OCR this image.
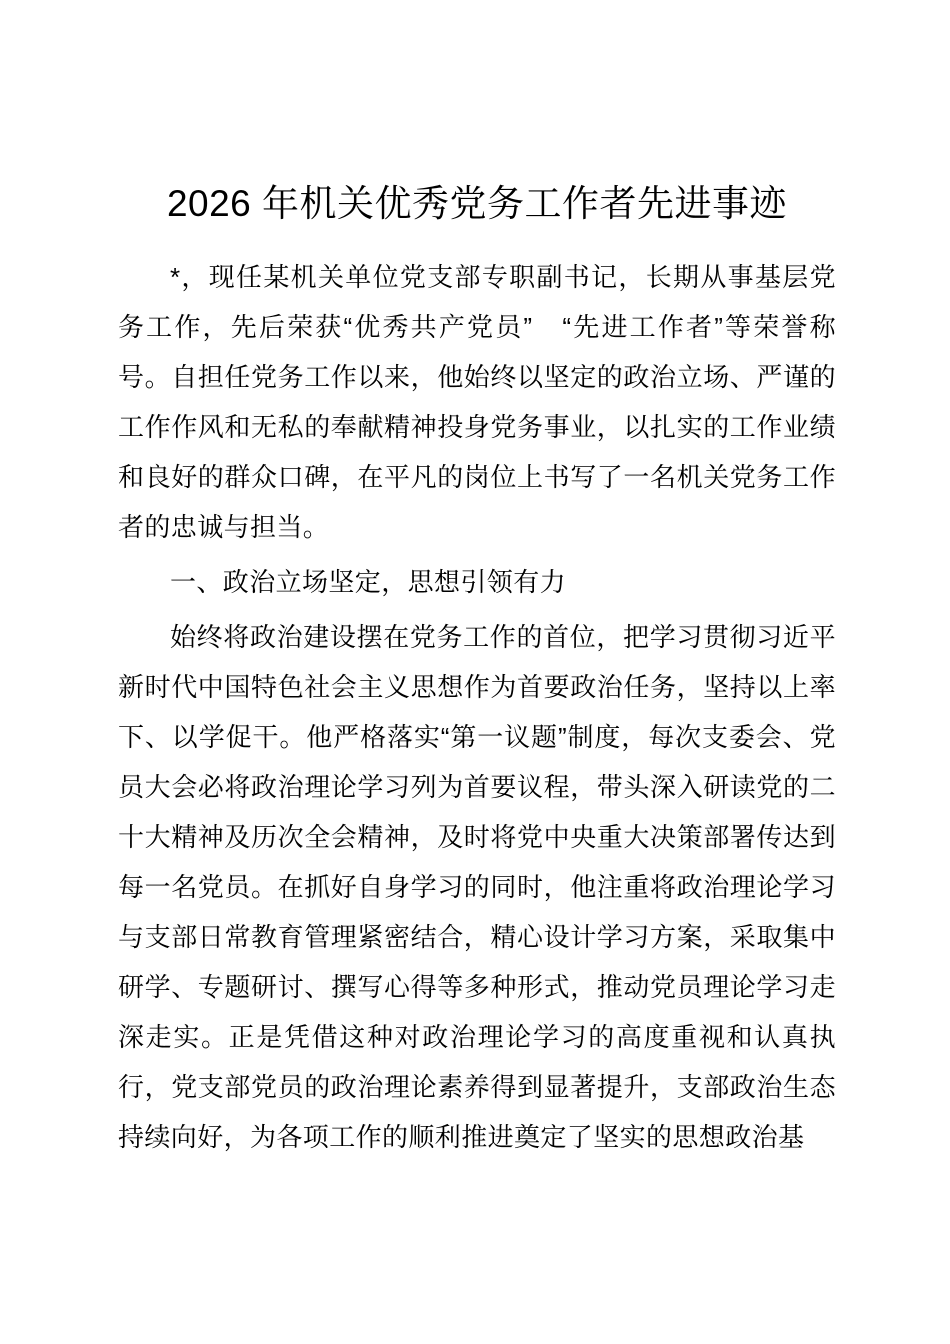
2026 年机关优秀党务工作者先进事迹

*，现任某机关单位党支部专职副书记，长期从事基层党务工作，先后荣获“优秀共产党员”　“先进工作者”等荣誉称号。自担任党务工作以来，他始终以坚定的政治立场、严谨的工作作风和无私的奉献精神投身党务事业，以扎实的工作业绩和良好的群众口碑，在平凡的岗位上书写了一名机关党务工作者的忠诚与担当。

一、政治立场坚定，思想引领有力

始终将政治建设摆在党务工作的首位，把学习贯彻习近平新时代中国特色社会主义思想作为首要政治任务，坚持以上率下、以学促干。他严格落实“第一议题”制度，每次支委会、党员大会必将政治理论学习列为首要议程，带头深入研读党的二十大精神及历次全会精神，及时将党中央重大决策部署传达到每一名党员。在抓好自身学习的同时，他注重将政治理论学习与支部日常教育管理紧密结合，精心设计学习方案，采取集中研学、专题研讨、撰写心得等多种形式，推动党员理论学习走深走实。正是凭借这种对政治理论学习的高度重视和认真执行，党支部党员的政治理论素养得到显著提升，支部政治生态持续向好，为各项工作的顺利推进奠定了坚实的思想政治基
